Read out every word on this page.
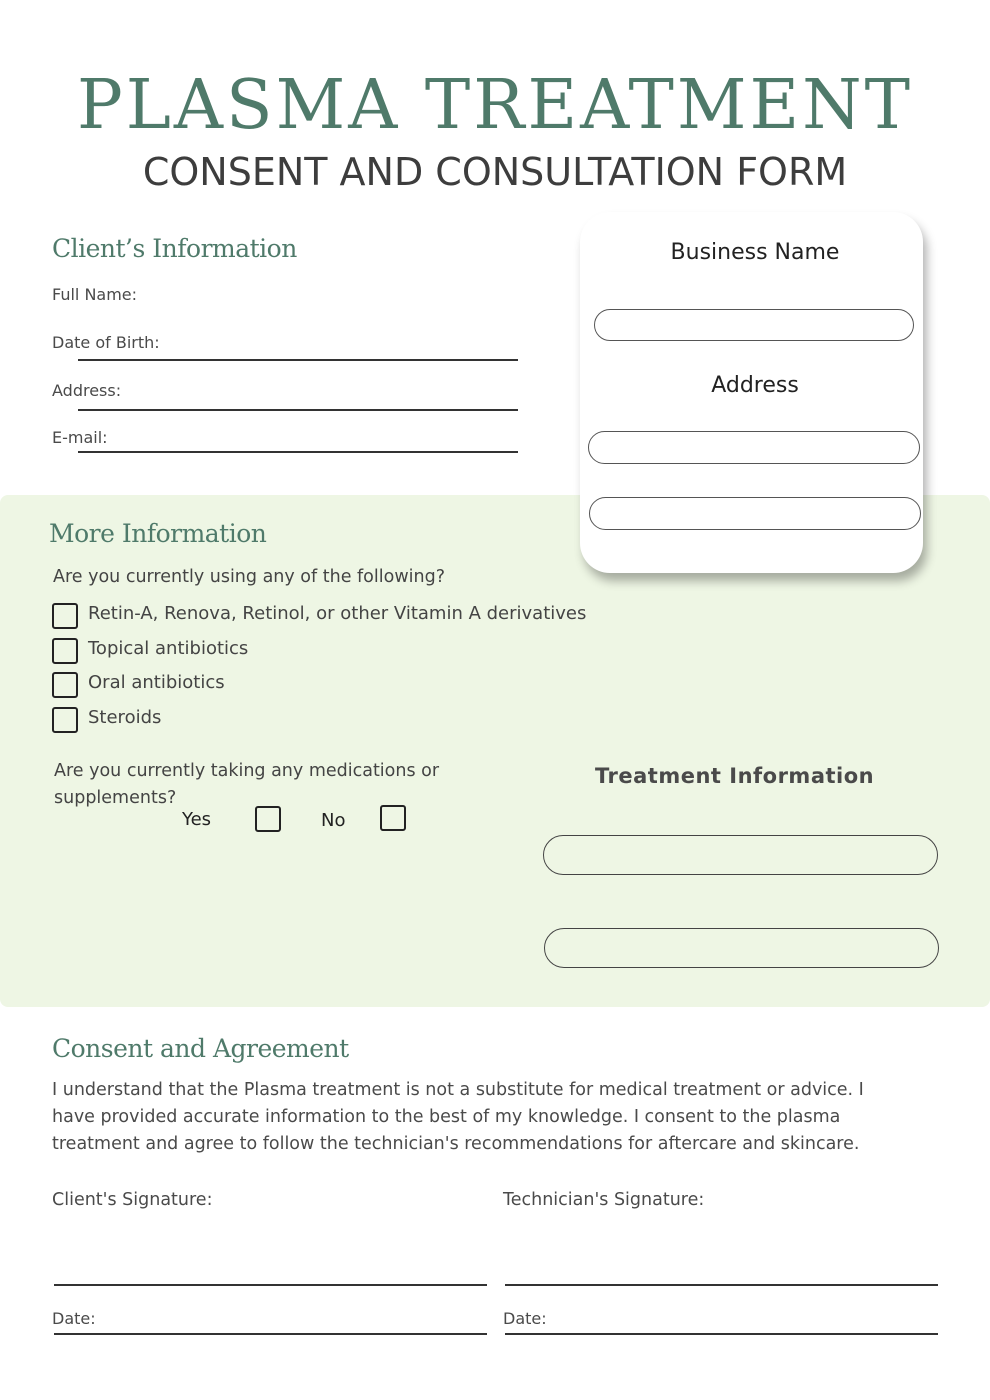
PLASMA TREATMENT
CONSENT AND CONSULTATION FORM
Client’s Information
Full Name:
Date of Birth:
Address:
E-mail:
Business Name
Address
More Information
Are you currently using any of the following?
Retin-A, Renova, Retinol, or other Vitamin A derivatives
Topical antibiotics
Oral antibiotics
Steroids
Are you currently taking any medications or
supplements?
Yes	No
Treatment Information
Consent and Agreement
I understand that the Plasma treatment is not a substitute for medical treatment or advice. I
have provided accurate information to the best of my knowledge. I consent to the plasma
treatment and agree to follow the technician's recommendations for aftercare and skincare.
Client's Signature:	Technician's Signature:
Date:	Date:
